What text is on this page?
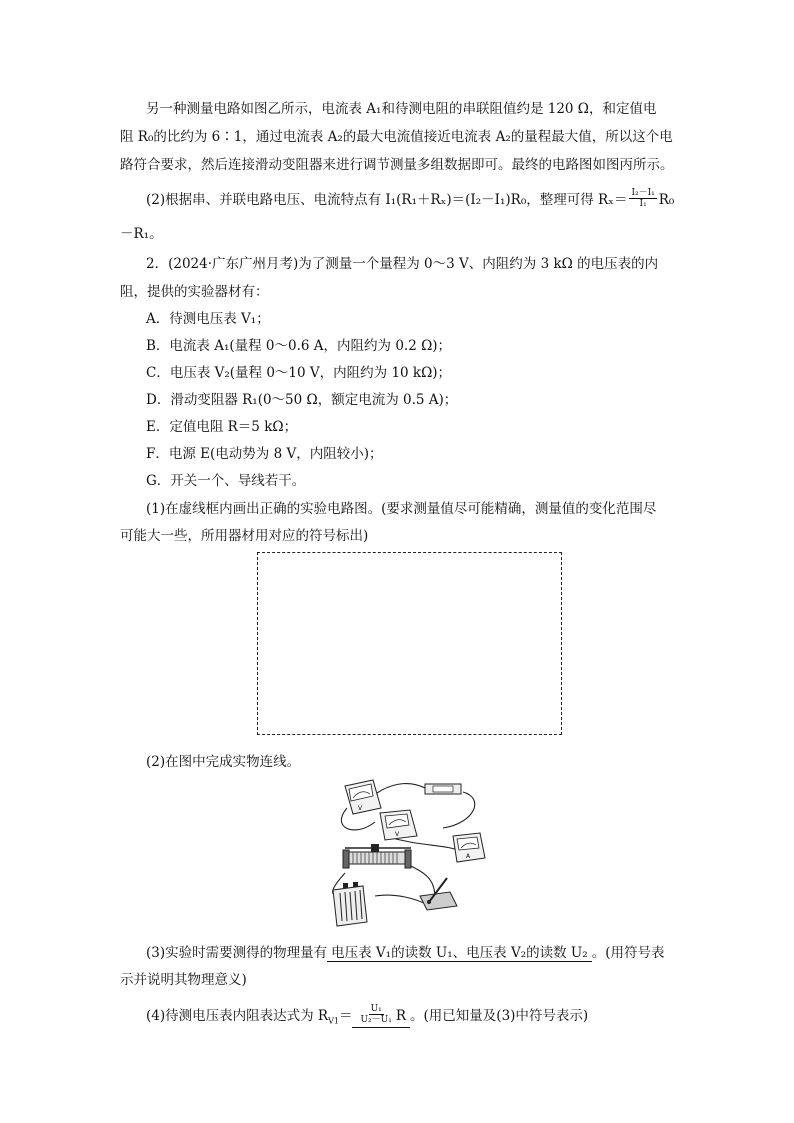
另一种测量电路如图乙所示，电流表 A₁和待测电阻的串联阻值约是 120 Ω，和定值电
阻 R₀的比约为 6∶1，通过电流表 A₂的最大电流值接近电流表 A₂的量程最大值，所以这个电
路符合要求，然后连接滑动变阻器来进行调节测量多组数据即可。最终的电路图如图丙所示。
(2)根据串、并联电路电压、电流特点有 I₁(R₁＋Rₓ)＝(I₂－I₁)R₀，整理可得 $R_x= \frac{\text{I₂－I₁}}{\text{I₁}} R_0$
－R₁。
2．(2024·广东广州月考)为了测量一个量程为 0～3 V、内阻约为 3 kΩ 的电压表的内
阻，提供的实验器材有：
A．待测电压表 V₁；
B．电流表 A₁(量程 0～0.6 A，内阻约为 0.2 Ω)；
C．电压表 V₂(量程 0～10 V，内阻约为 10 kΩ)；
D．滑动变阻器 R₁(0～50 Ω，额定电流为 0.5 A)；
E．定值电阻 R＝5 kΩ；
F．电源 E(电动势为 8 V，内阻较小)；
G．开关一个、导线若干。
(1)在虚线框内画出正确的实验电路图。(要求测量值尽可能精确，测量值的变化范围尽
可能大一些，所用器材用对应的符号标出)
(2)在图中完成实物连线。
V
V
A
(3)实验时需要测得的物理量有 电压表 V₁的读数 U₁、电压表 V₂的读数 U₂ 。(用符号表
示并说明其物理意义)
(4)待测电压表内阻表达式为 $R_{V1}= \frac{\text{U₁}}{\text{U₂－U₁}}$ R 。(用已知量及(3)中符号表示)
